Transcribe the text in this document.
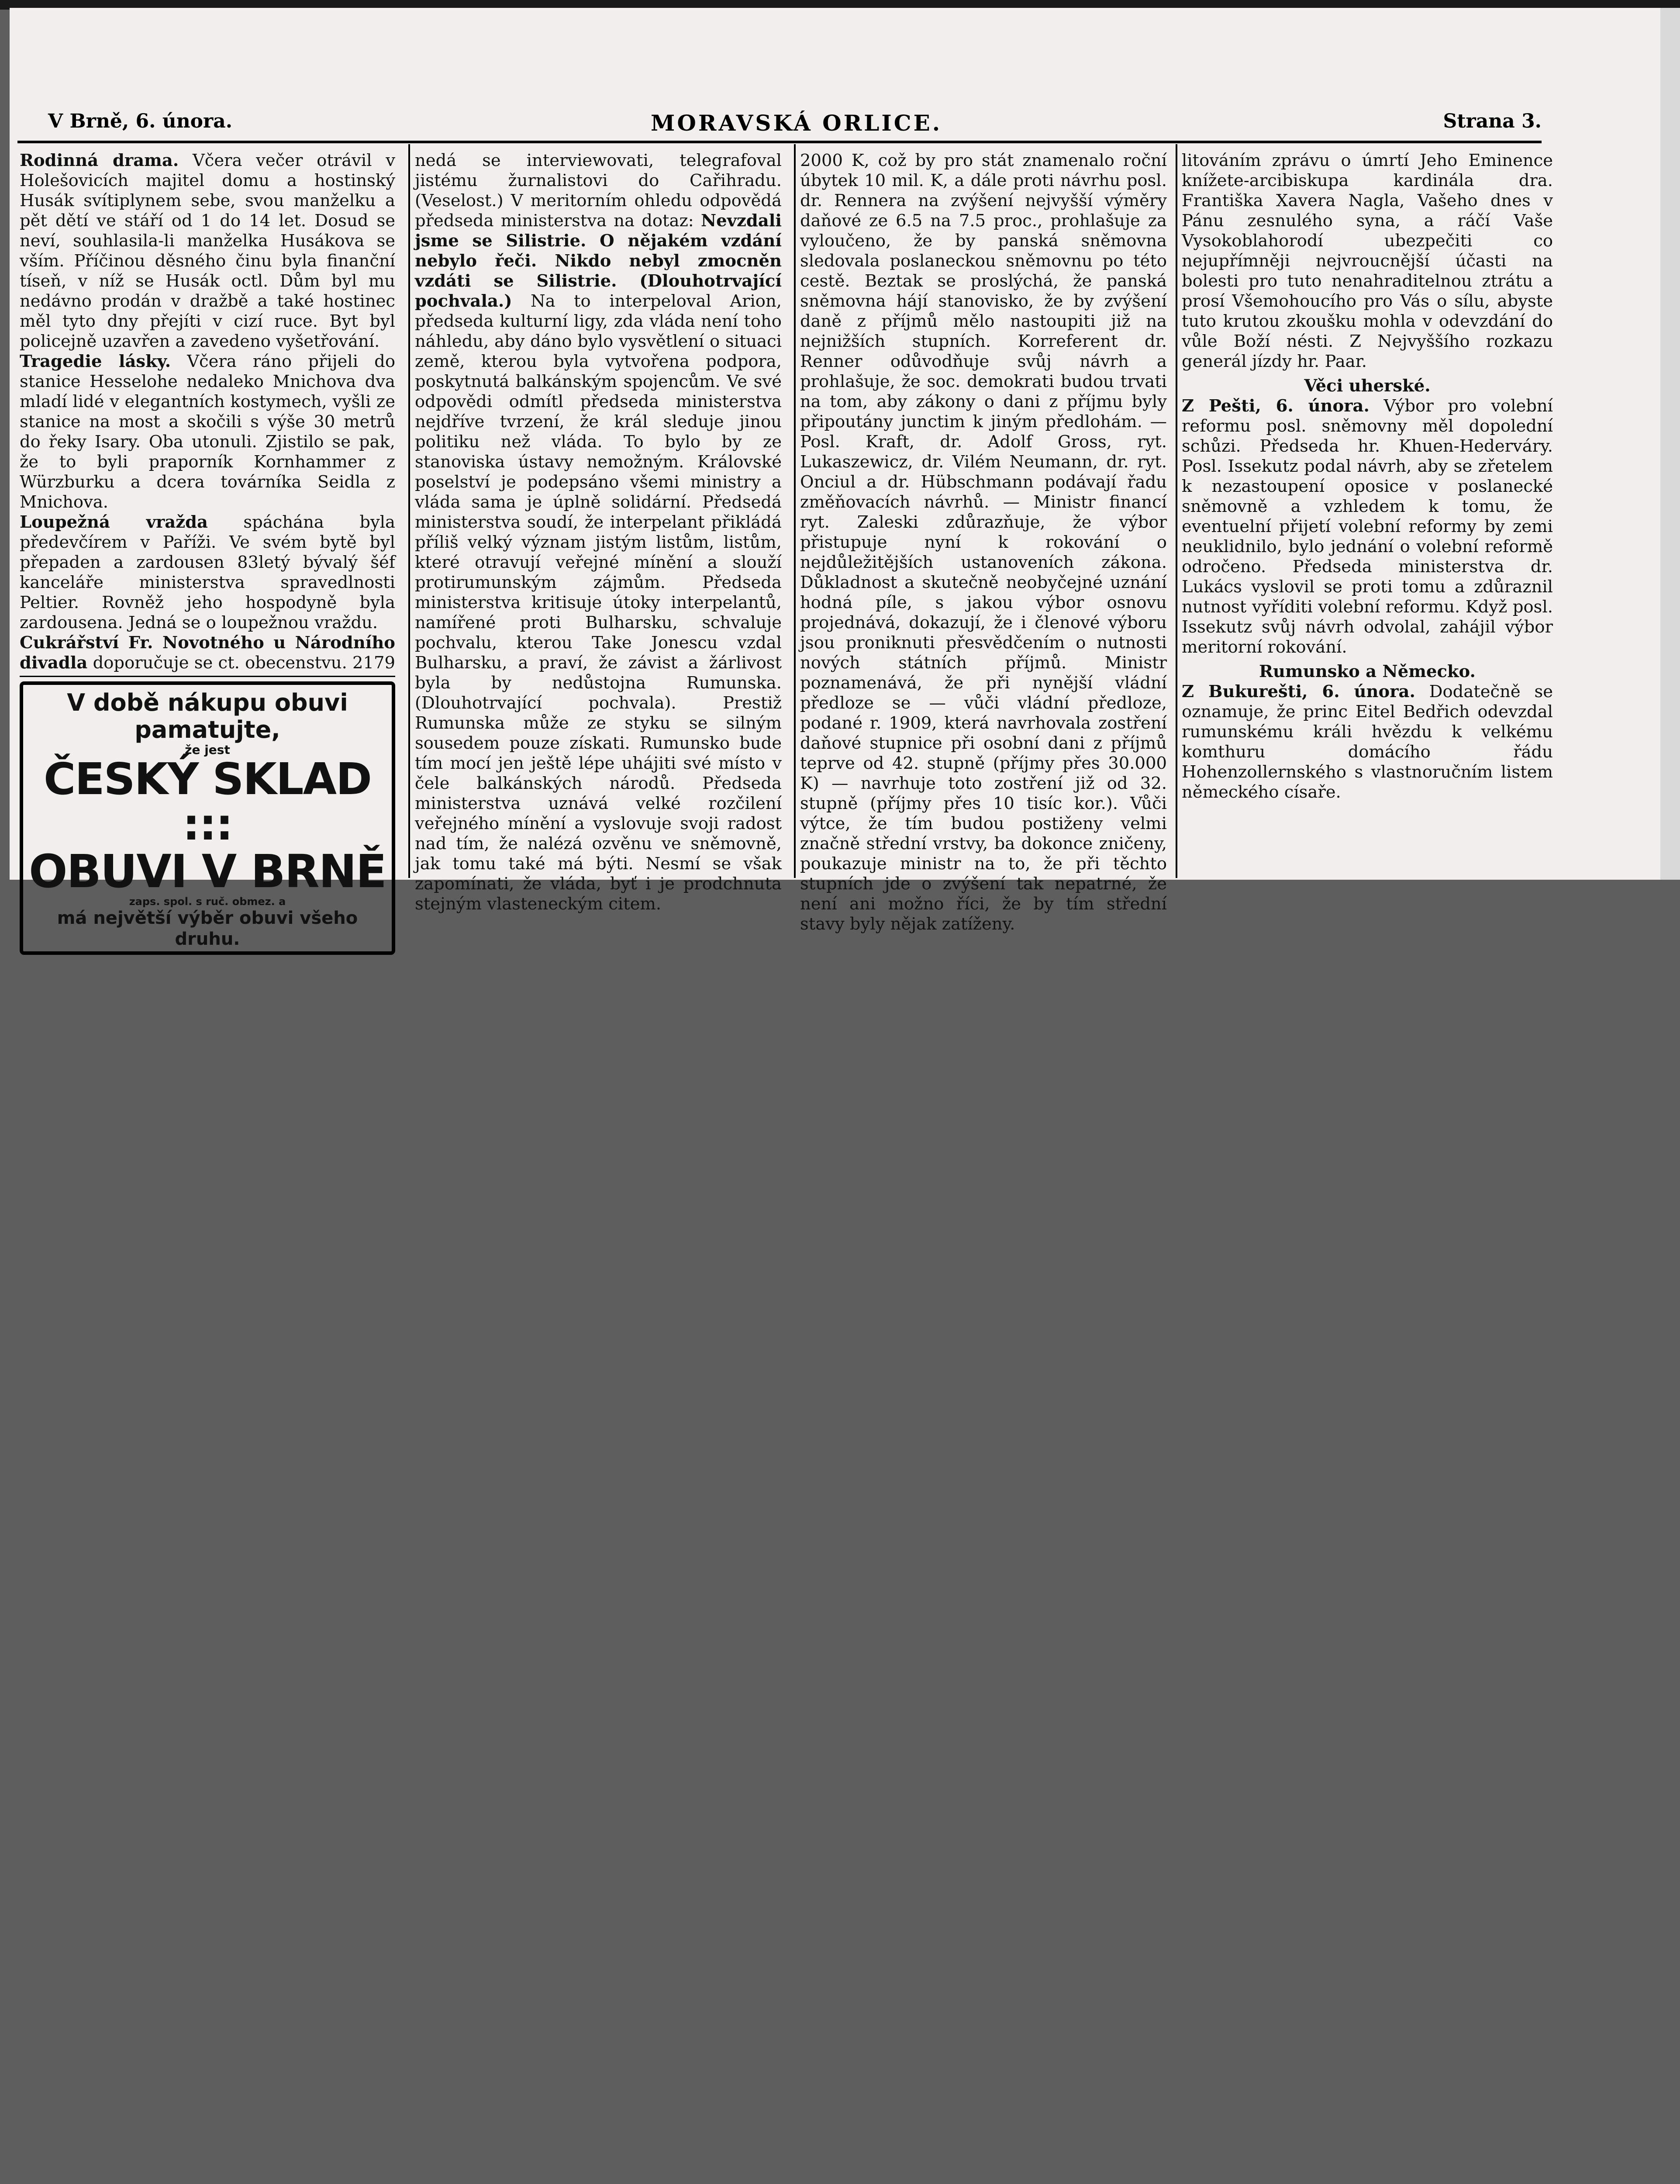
V Brně, 6. února.	MORAVSKÁ ORLICE.	Strana 3.

Rodinná drama. Včera večer otrávil v Holešovicích majitel domu a hostinský Husák svítiplynem sebe, svou manželku a pět dětí ve stáří od 1 do 14 let. Dosud se neví, souhlasila-li manželka Husákova se vším. Příčinou děsného činu byla finanční tíseň, v níž se Husák octl. Dům byl mu nedávno prodán v dražbě a také hostinec měl tyto dny přejíti v cizí ruce. Byt byl policejně uzavřen a zavedeno vyšetřování.

Tragedie lásky. Včera ráno přijeli do stanice Hesselohe nedaleko Mnichova dva mladí lidé v elegantních kostymech, vyšli ze stanice na most a skočili s výše 30 metrů do řeky Isary. Oba utonuli. Zjistilo se pak, že to byli praporník Kornhammer z Würzburku a dcera továrníka Seidla z Mnichova.

Loupežná vražda spáchána byla předevčírem v Paříži. Ve svém bytě byl přepaden a zardousen 83letý bývalý šéf kanceláře ministerstva spravedlnosti Peltier. Rovněž jeho hospodyně byla zardousena. Jedná se o loupežnou vraždu.

Cukrářství Fr. Novotného u Národního divadla doporučuje se ct. obecenstvu. 2179

V době nákupu obuvi pamatujte,
že jest
ČESKÝ SKLAD :::
OBUVI V BRNĚ
zaps. spol. s ruč. obmez. a
má největší výběr obuvi všeho druhu.

nedá se interviewovati, telegrafoval jistému žurnalistovi do Cařihradu. (Veselost.) V meritorním ohledu odpovědá předseda ministerstva na dotaz: Nevzdali jsme se Silistrie. O nějakém vzdání nebylo řeči. Nikdo nebyl zmocněn vzdáti se Silistrie. (Dlouhotrvající pochvala.) Na to interpeloval Arion, předseda kulturní ligy, zda vláda není toho náhledu, aby dáno bylo vysvětlení o situaci země, kterou byla vytvořena podpora, poskytnutá balkánským spojencům. Ve své odpovědi odmítl předseda ministerstva nejdříve tvrzení, že král sleduje jinou politiku než vláda. To bylo by ze stanoviska ústavy nemožným. Královské poselství je podepsáno všemi ministry a vláda sama je úplně solidární. Předsedá ministerstva soudí, že interpelant přikládá příliš velký význam jistým listům, listům, které otravují veřejné mínění a slouží protirumunským zájmům. Předseda ministerstva kritisuje útoky interpelantů, namířené proti Bulharsku, schvaluje pochvalu, kterou Take Jonescu vzdal Bulharsku, a praví, že závist a žárlivost byla by nedůstojna Rumunska. (Dlouhotrvající pochvala). Prestiž Rumunska může ze styku se silným sousedem pouze získati. Rumunsko bude tím mocí jen ještě lépe uhájiti své místo v čele balkánských národů. Předseda ministerstva uznává velké rozčilení veřejného mínění a vyslovuje svoji radost nad tím, že nalézá ozvěnu ve sněmovně, jak tomu také má býti. Nesmí se však zapomínati, že vláda, byť i je prodchnuta stejným vlasteneckým citem.

2000 K, což by pro stát znamenalo roční úbytek 10 mil. K, a dále proti návrhu posl. dr. Rennera na zvýšení nejvyšší výměry daňové ze 6.5 na 7.5 proc., prohlašuje za vyloučeno, že by panská sněmovna sledovala poslaneckou sněmovnu po této cestě. Beztak se proslýchá, že panská sněmovna hájí stanovisko, že by zvýšení daně z příjmů mělo nastoupiti již na nejnižších stupních. Korreferent dr. Renner odůvodňuje svůj návrh a prohlašuje, že soc. demokrati budou trvati na tom, aby zákony o dani z příjmu byly připoutány junctim k jiným předlohám. — Posl. Kraft, dr. Adolf Gross, ryt. Lukaszewicz, dr. Vilém Neumann, dr. ryt. Onciul a dr. Hübschmann podávají řadu změňovacích návrhů. — Ministr financí ryt. Zaleski zdůrazňuje, že výbor přistupuje nyní k rokování o nejdůležitějších ustanoveních zákona. Důkladnost a skutečně neobyčejné uznání hodná píle, s jakou výbor osnovu projednává, dokazují, že i členové výboru jsou proniknuti přesvědčením o nutnosti nových státních příjmů. Ministr poznamenává, že při nynější vládní předloze se — vůči vládní předloze, podané r. 1909, která navrhovala zostření daňové stupnice při osobní dani z příjmů teprve od 42. stupně (příjmy přes 30.000 K) — navrhuje toto zostření již od 32. stupně (příjmy přes 10 tisíc kor.). Vůči výtce, že tím budou postiženy velmi značně střední vrstvy, ba dokonce zničeny, poukazuje ministr na to, že při těchto stupních jde o zvýšení tak nepatrné, že není ani možno říci, že by tím střední stavy byly nějak zatíženy.

litováním zprávu o úmrtí Jeho Eminence knížete-arcibiskupa kardinála dra. Františka Xavera Nagla, Vašeho dnes v Pánu zesnulého syna, a ráčí Vaše Vysokoblahorodí ubezpečiti co nejupřímněji nejvroucnější účasti na bolesti pro tuto nenahraditelnou ztrátu a prosí Všemohoucího pro Vás o sílu, abyste tuto krutou zkoušku mohla v odevzdání do vůle Boží nésti. Z Nejvyššího rozkazu generál jízdy hr. Paar.

Věci uherské.

Z Pešti, 6. února. Výbor pro volební reformu posl. sněmovny měl dopolední schůzi. Předseda hr. Khuen-Hederváry. Posl. Issekutz podal návrh, aby se zřetelem k nezastoupení oposice v poslanecké sněmovně a vzhledem k tomu, že eventuelní přijetí volební reformy by zemi neuklidnilo, bylo jednání o volební reformě odročeno. Předseda ministerstva dr. Lukács vyslovil se proti tomu a zdůraznil nutnost vyříditi volební reformu. Když posl. Issekutz svůj návrh odvolal, zahájil výbor meritorní rokování.

Rumunsko a Německo.

Z Bukurešti, 6. února. Dodatečně se oznamuje, že princ Eitel Bedřich odevzdal rumunskému králi hvězdu k velkému komthuru domácího řádu Hohenzollernského s vlastnoručním listem německého císaře.
